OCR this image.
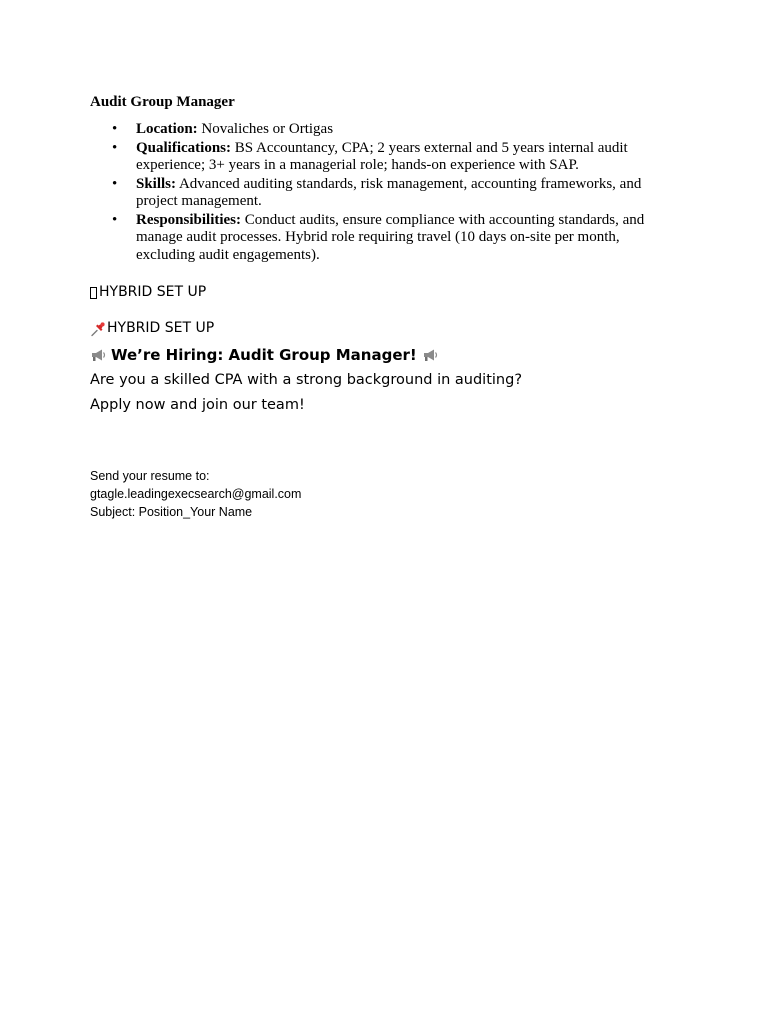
Audit Group Manager
• Location: Novaliches or Ortigas
• Qualifications: BS Accountancy, CPA; 2 years external and 5 years internal audit experience; 3+ years in a managerial role; hands-on experience with SAP.
• Skills: Advanced auditing standards, risk management, accounting frameworks, and project management.
• Responsibilities: Conduct audits, ensure compliance with accounting standards, and manage audit processes. Hybrid role requiring travel (10 days on-site per month, excluding audit engagements).
HYBRID SET UP
HYBRID SET UP
We’re Hiring: Audit Group Manager!
Are you a skilled CPA with a strong background in auditing?
Apply now and join our team!
Send your resume to:
gtagle.leadingexecsearch@gmail.com
Subject: Position_Your Name
